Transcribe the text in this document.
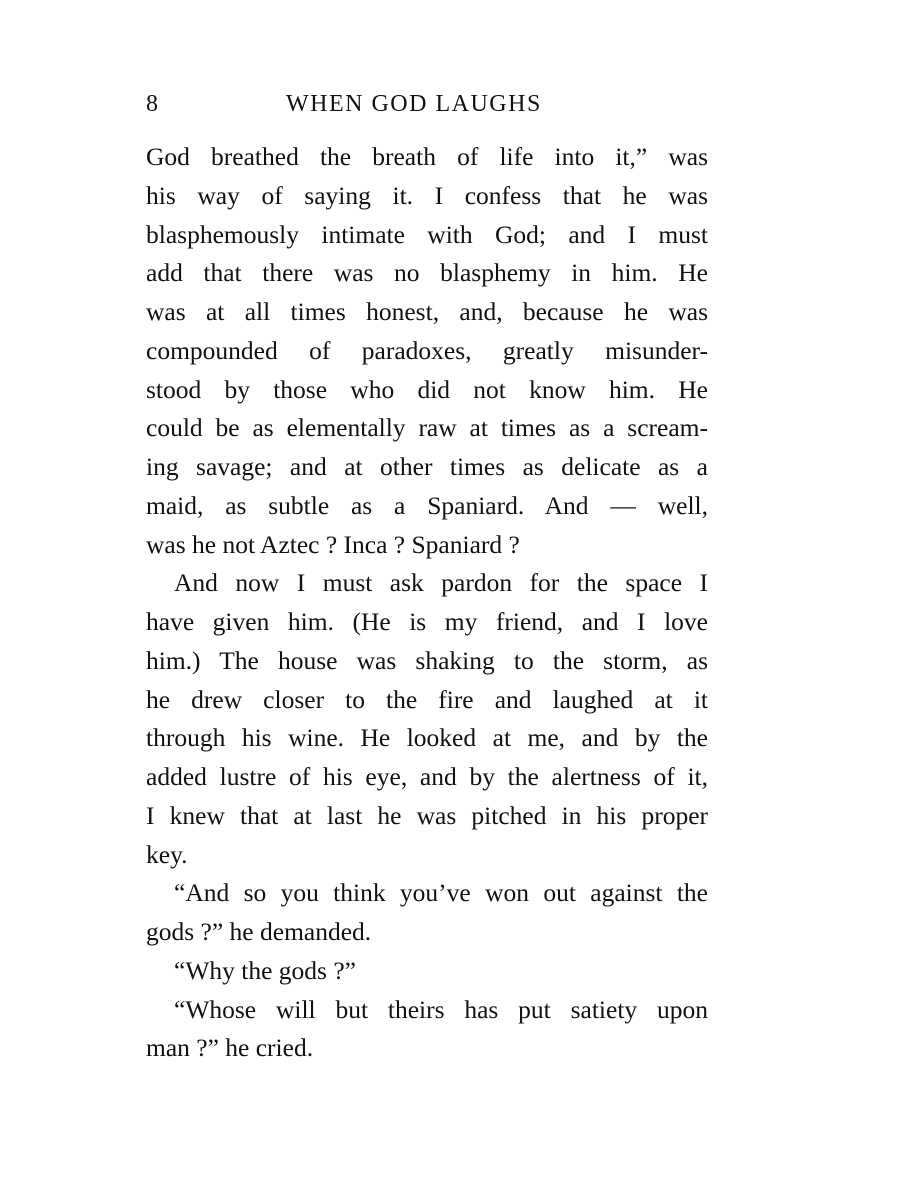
8	WHEN GOD LAUGHS
God breathed the breath of life into it,” was
his way of saying it. I confess that he was
blasphemously intimate with God; and I must
add that there was no blasphemy in him. He
was at all times honest, and, because he was
compounded of paradoxes, greatly misunder-
stood by those who did not know him. He
could be as elementally raw at times as a scream-
ing savage; and at other times as delicate as a
maid, as subtle as a Spaniard. And — well,
was he not Aztec ? Inca ? Spaniard ?
And now I must ask pardon for the space I
have given him. (He is my friend, and I love
him.) The house was shaking to the storm, as
he drew closer to the fire and laughed at it
through his wine. He looked at me, and by the
added lustre of his eye, and by the alertness of it,
I knew that at last he was pitched in his proper
key.
“And so you think you’ve won out against the
gods ?” he demanded.
“Why the gods ?”
“Whose will but theirs has put satiety upon
man ?” he cried.
